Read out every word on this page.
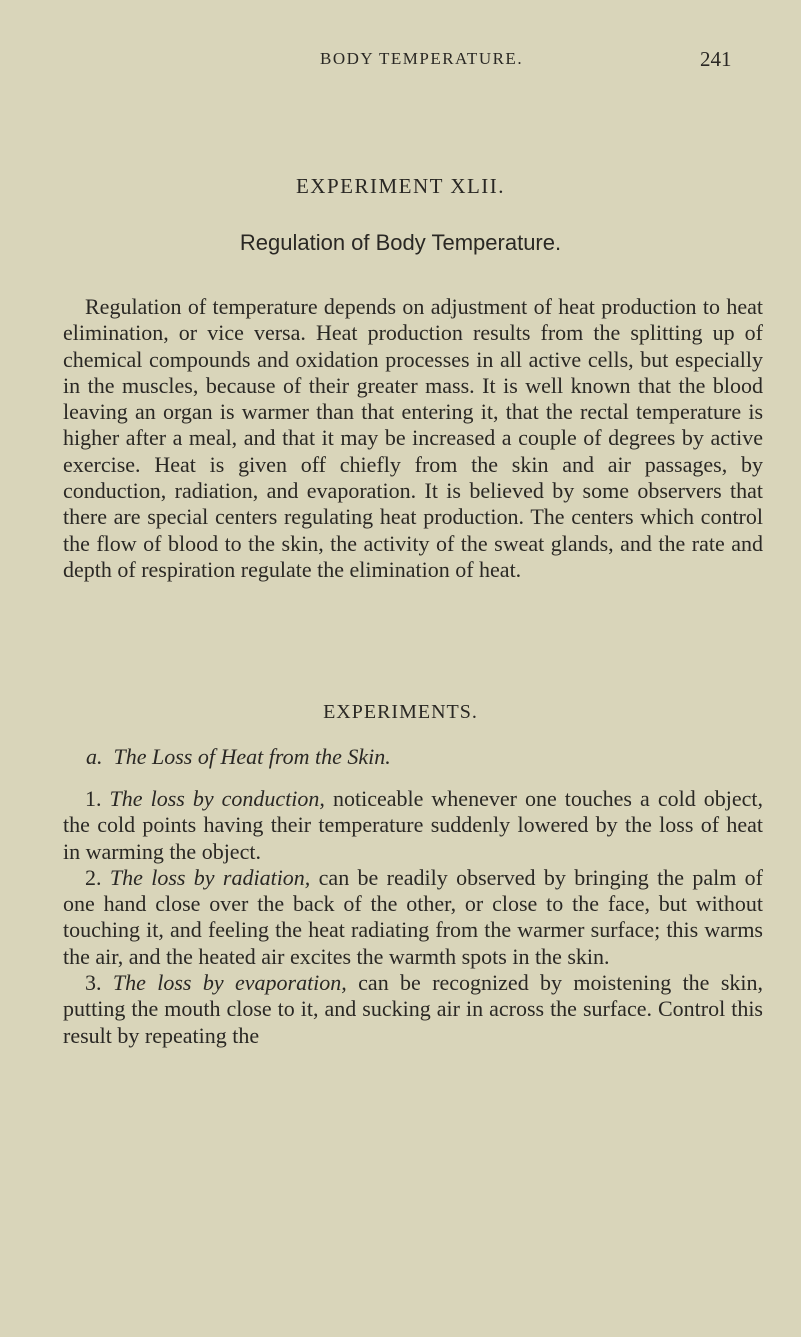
BODY TEMPERATURE.	241
EXPERIMENT XLII.
Regulation of Body Temperature.

Regulation of temperature depends on adjustment of heat production to heat elimination, or vice versa. Heat production results from the splitting up of chemical compounds and oxidation processes in all active cells, but especially in the muscles, because of their greater mass. It is well known that the blood leaving an organ is warmer than that entering it, that the rectal temperature is higher after a meal, and that it may be increased a couple of degrees by active exercise. Heat is given off chiefly from the skin and air passages, by conduction, radiation, and evaporation. It is believed by some observers that there are special centers regulating heat production. The centers which control the flow of blood to the skin, the activity of the sweat glands, and the rate and depth of respiration regulate the elimination of heat.

EXPERIMENTS.
a. The Loss of Heat from the Skin.

1. The loss by conduction, noticeable whenever one touches a cold object, the cold points having their temperature suddenly lowered by the loss of heat in warming the object.

2. The loss by radiation, can be readily observed by bringing the palm of one hand close over the back of the other, or close to the face, but without touching it, and feeling the heat radiating from the warmer surface; this warms the air, and the heated air excites the warmth spots in the skin.

3. The loss by evaporation, can be recognized by moistening the skin, putting the mouth close to it, and sucking air in across the surface. Control this result by repeating the
